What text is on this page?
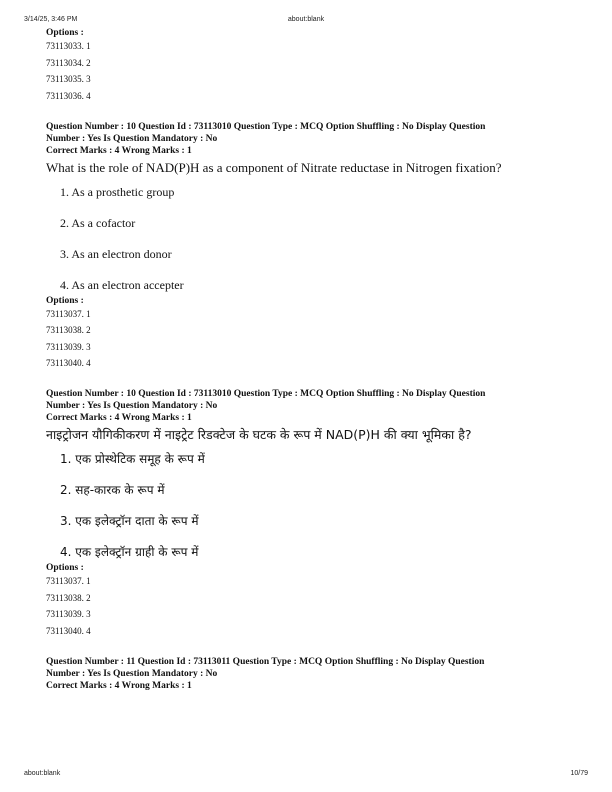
3/14/25, 3:46 PM	about:blank
Options :
73113033. 1
73113034. 2
73113035. 3
73113036. 4
Question Number : 10 Question Id : 73113010 Question Type : MCQ Option Shuffling : No Display Question
Number : Yes Is Question Mandatory : No
Correct Marks : 4 Wrong Marks : 1
What is the role of NAD(P)H as a component of Nitrate reductase in Nitrogen fixation?
1. As a prosthetic group
2. As a cofactor
3. As an electron donor
4. As an electron accepter
Options :
73113037. 1
73113038. 2
73113039. 3
73113040. 4
Question Number : 10 Question Id : 73113010 Question Type : MCQ Option Shuffling : No Display Question
Number : Yes Is Question Mandatory : No
Correct Marks : 4 Wrong Marks : 1
नाइट्रोजन यौगिकीकरण में नाइट्रेट रिडक्टेज के घटक के रूप में NAD(P)H की क्या भूमिका है?
1. एक प्रोस्थेटिक समूह के रूप में
2. सह-कारक के रूप में
3. एक इलेक्ट्रॉन दाता के रूप में
4. एक इलेक्ट्रॉन ग्राही के रूप में
Options :
73113037. 1
73113038. 2
73113039. 3
73113040. 4
Question Number : 11 Question Id : 73113011 Question Type : MCQ Option Shuffling : No Display Question
Number : Yes Is Question Mandatory : No
Correct Marks : 4 Wrong Marks : 1
about:blank	10/79
